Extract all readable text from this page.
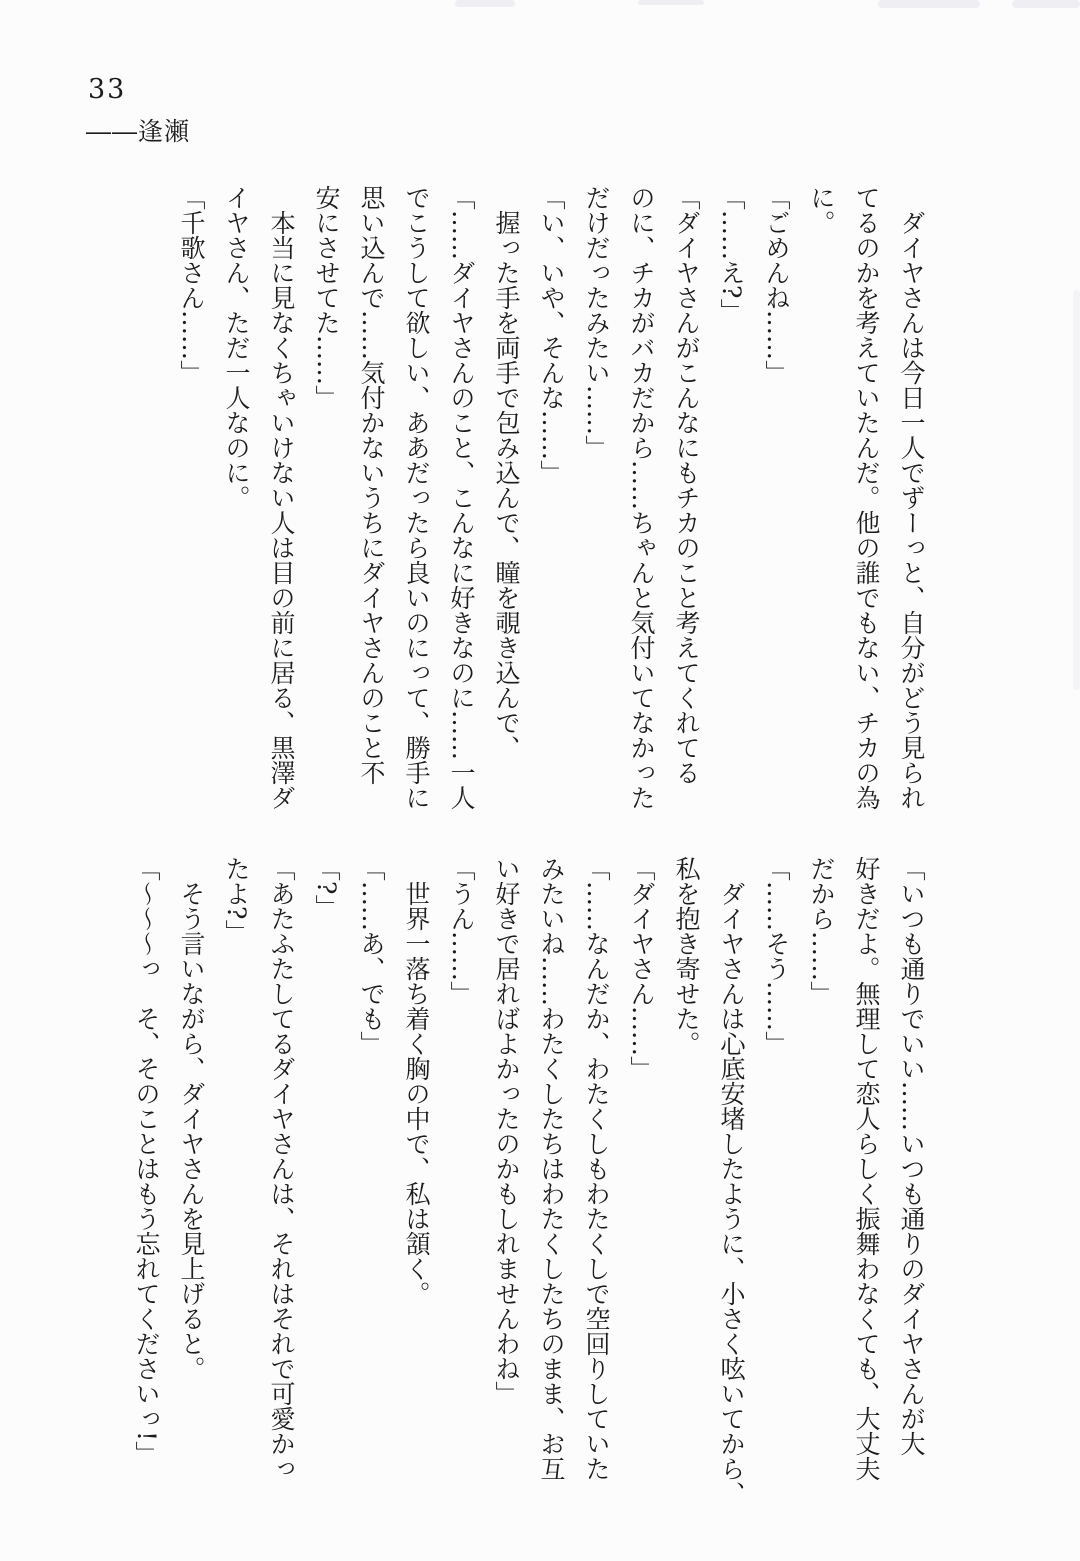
33
――逢瀬
　ダイヤさんは今日一人でずーっと、自分がどう見られ
てるのかを考えていたんだ。他の誰でもない、チカの為
に。
「ごめんね……」
「……え?」
「ダイヤさんがこんなにもチカのこと考えてくれてる
のに、チカがバカだから……ちゃんと気付いてなかった
だけだったみたい……」
「い、いや、そんな……」
　握った手を両手で包み込んで、瞳を覗き込んで、
「……ダイヤさんのこと、こんなに好きなのに……一人
でこうして欲しい、ああだったら良いのにって、勝手に
思い込んで……気付かないうちにダイヤさんのこと不
安にさせてた……」
　本当に見なくちゃいけない人は目の前に居る、黒澤ダ
イヤさん、ただ一人なのに。
「千歌さん……」
「いつも通りでいい……いつも通りのダイヤさんが大
好きだよ。無理して恋人らしく振舞わなくても、大丈夫
だから……」
「……そう……」
　ダイヤさんは心底安堵したように、小さく呟いてから、
私を抱き寄せた。
「ダイヤさん……」
「……なんだか、わたくしもわたくしで空回りしていた
みたいね……わたくしたちはわたくしたちのまま、お互
い好きで居ればよかったのかもしれませんわね」
「うん……」
　世界一落ち着く胸の中で、私は頷く。
「……あ、でも」
「?」
「あたふたしてるダイヤさんは、それはそれで可愛かっ
たよ?」
　そう言いながら、ダイヤさんを見上げると。
「〜〜〜っ　そ、そのことはもう忘れてくださいっ!」
